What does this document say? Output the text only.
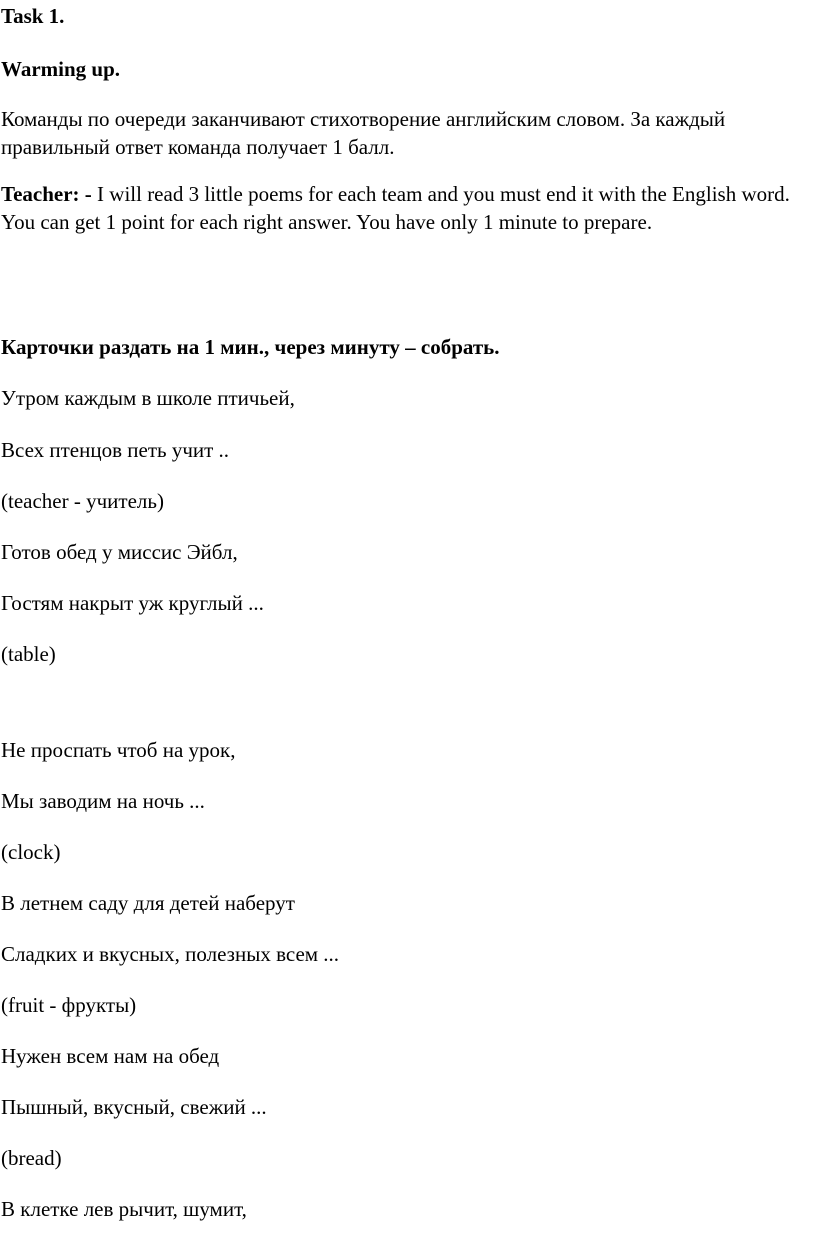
Task 1.
Warming up.
Команды по очереди заканчивают стихотворение английским словом. За каждый правильный ответ команда получает 1 балл.
Teacher: - I will read 3 little poems for each team and you must end it with the English word. You can get 1 point for each right answer. You have only 1 minute to prepare.
Карточки раздать на 1 мин., через минуту – собрать.
Утром каждым в школе птичьей,
Всех птенцов петь учит ..
(teacher - учитель)
Готов обед у миссис Эйбл,
Гостям накрыт уж круглый ...
(table)
Не проспать чтоб на урок,
Мы заводим на ночь ...
(clock)
В летнем саду для детей наберут
Сладких и вкусных, полезных всем ...
(fruit - фрукты)
Нужен всем нам на обед
Пышный, вкусный, свежий ...
(bread)
В клетке лев рычит, шумит,
